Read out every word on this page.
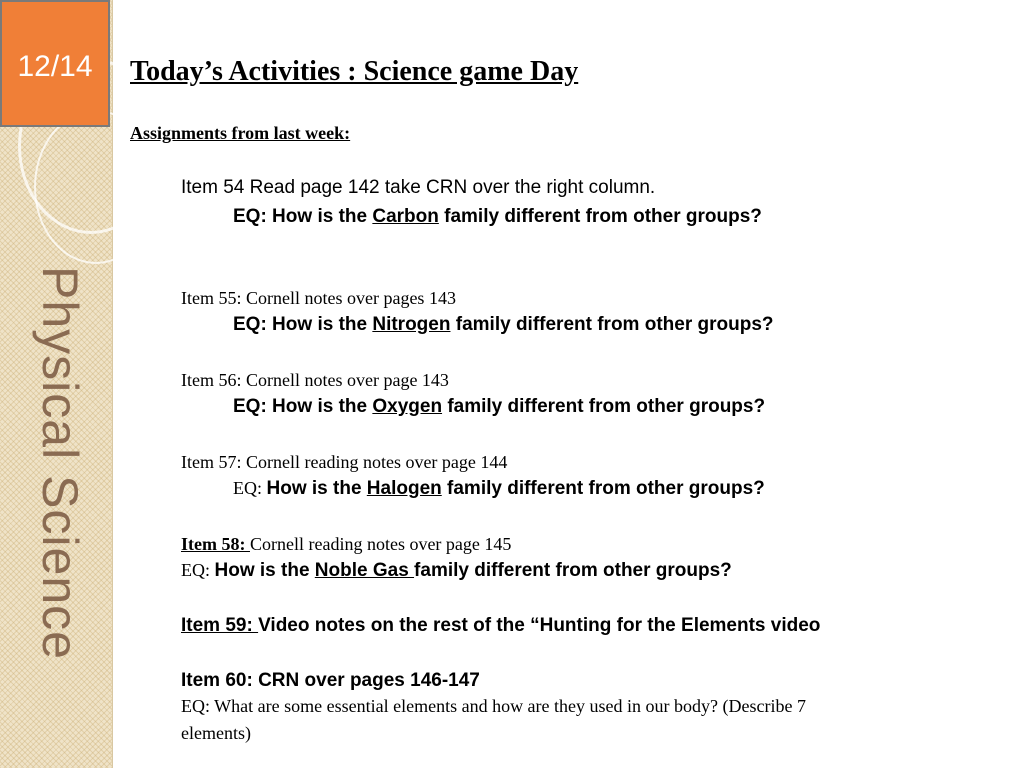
12/14
Physical Science
Today’s Activities : Science game Day
Assignments from last week:
Item 54 Read page 142 take CRN over the right column.
EQ: How is the Carbon family different from other groups?
Item 55: Cornell notes over pages 143
EQ: How is the Nitrogen family different from other groups?
Item 56: Cornell notes over page 143
EQ: How is the Oxygen family different from other groups?
Item 57: Cornell reading notes over page 144
EQ: How is the Halogen family different from other groups?
Item 58: Cornell reading notes over page 145
EQ: How is the Noble Gas family different from other groups?
Item 59: Video notes on the rest of the “Hunting for the Elements video
Item 60: CRN over pages 146-147
EQ: What are some essential elements and how are they used in our body? (Describe 7
elements)
